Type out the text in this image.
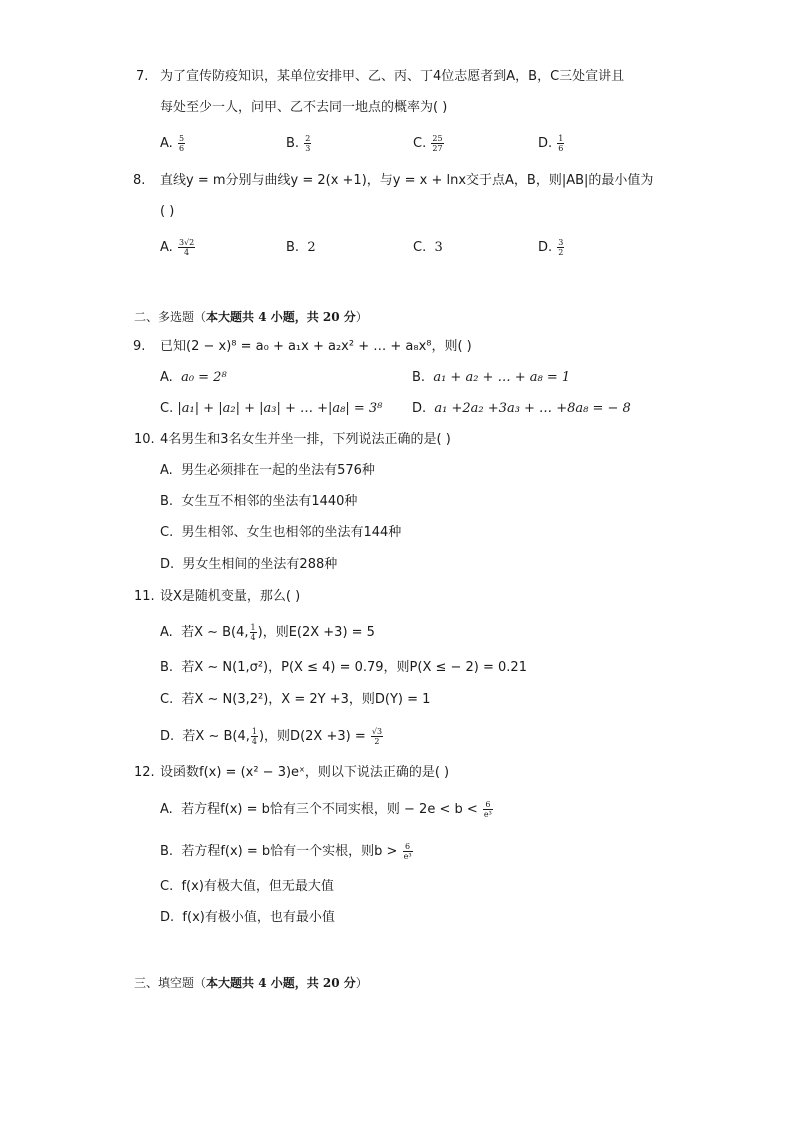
7. 为了宣传防疫知识，某单位安排甲、乙、丙、丁4位志愿者到A，B，C三处宣讲且
每处至少一人，问甲、乙不去同一地点的概率为( )
A. $\frac{5}{6}$	B. $\frac{2}{3}$	C. $\frac{25}{27}$	D. $\frac{1}{6}$
8. 直线y = m分别与曲线y = 2(x +1)，与y = x + lnx交于点A，B，则|AB|的最小值为
( )
A. $\frac{3√2}{4}$	B. 2	C. 3	D. $\frac{3}{2}$
二、多选题（本大题共 4 小题，共 20 分）
9. 已知(2 − x)⁸ = a₀ + a₁x + a₂x² + … + a₈x⁸，则( )
A. a₀ = 2⁸	B. a₁ + a₂ + … + a₈ = 1
C. |a₁| + |a₂| + |a₃| + … +|a₈| = 3⁸ D. a₁ +2a₂ +3a₃ + … +8a₈ = − 8
10. 4名男生和3名女生并坐一排，下列说法正确的是( )
A. 男生必须排在一起的坐法有576种
B. 女生互不相邻的坐法有1440种
C. 男生相邻、女生也相邻的坐法有144种
D. 男女生相间的坐法有288种
11. 设X是随机变量，那么( )
A. 若X ∼ B(4, $\frac{1}{4}$ )，则E(2X +3) = 5
B. 若X ∼ N(1,σ²)，P(X ≤ 4) = 0.79，则P(X ≤ − 2) = 0.21
C. 若X ∼ N(3,2²)，X = 2Y +3，则D(Y) = 1
D. 若X ∼ B(4, $\frac{1}{4}$ )，则$D(2X +3) = \frac{√3}{2}$
12. 设函数f(x) = (x² − 3)eˣ，则以下说法正确的是( )
A. 若方程f(x) = b恰有三个不同实根，则 − $2e < b < \frac{6}{\text{e³}}$
B. 若方程f(x) = b恰有一个实根，则$b > \frac{6}{\text{e³}}$
C. f(x)有极大值，但无最大值
D. f(x)有极小值，也有最小值
三、填空题（本大题共 4 小题，共 20 分）
